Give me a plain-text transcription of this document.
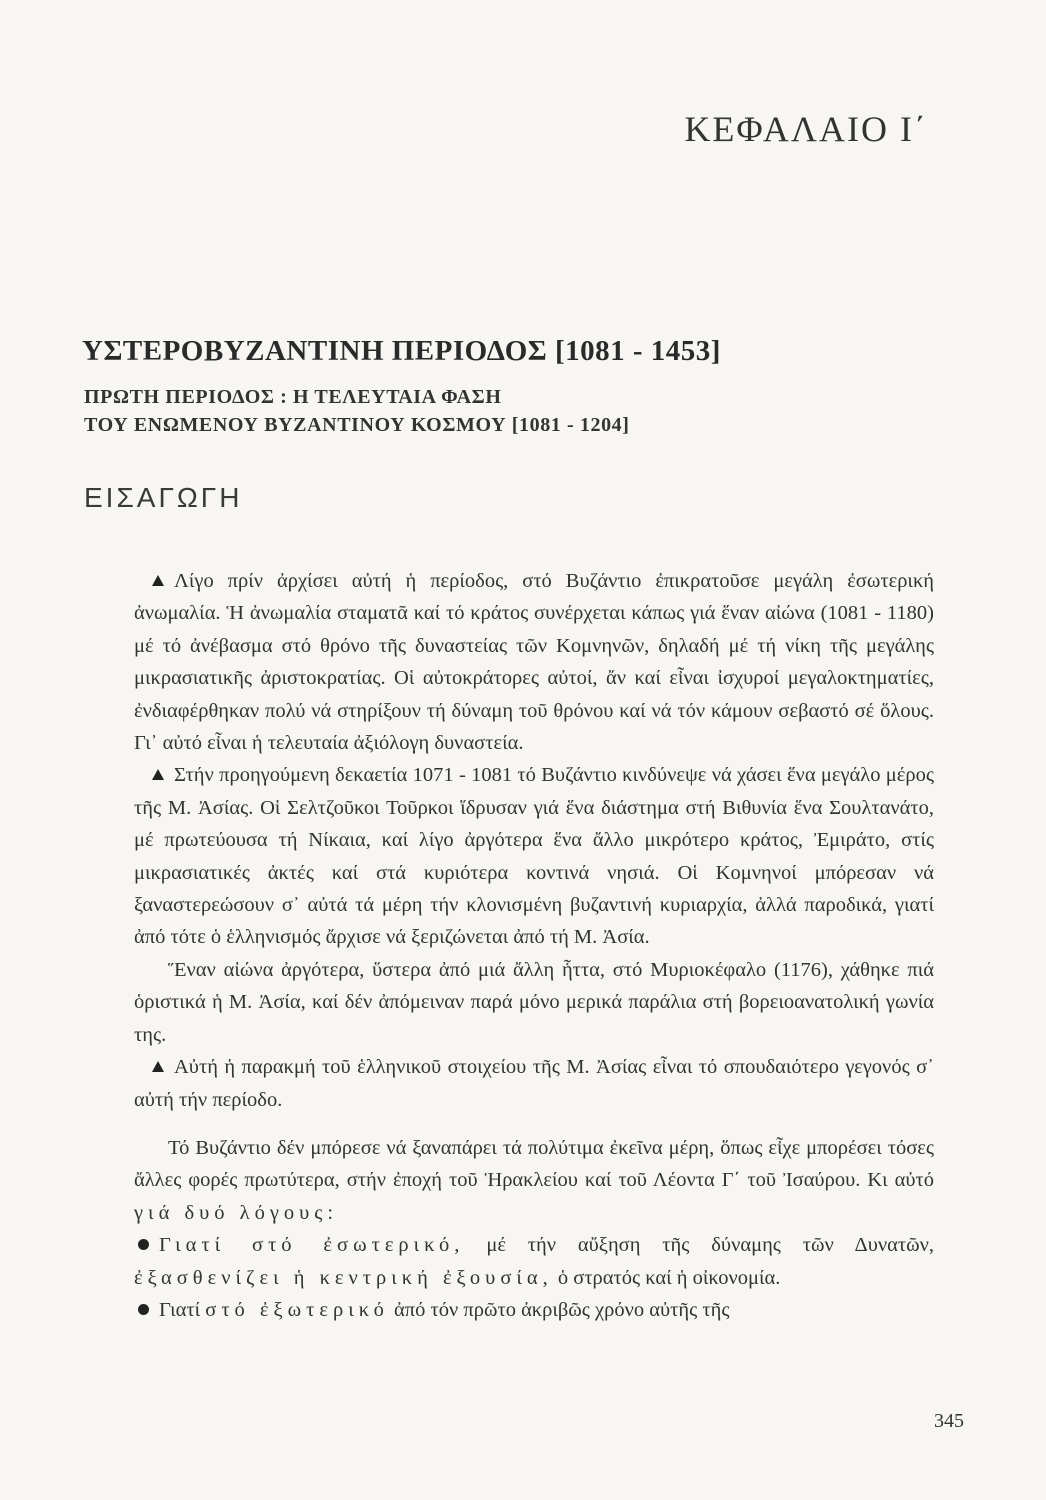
ΚΕΦΑΛΑΙΟ Ι΄
ΥΣΤΕΡΟΒΥΖΑΝΤΙΝΗ ΠΕΡΙΟΔΟΣ [1081 - 1453]
ΠΡΩΤΗ ΠΕΡΙΟΔΟΣ : Η ΤΕΛΕΥΤΑΙΑ ΦΑΣΗ
ΤΟΥ ΕΝΩΜΕΝΟΥ ΒΥΖΑΝΤΙΝΟΥ ΚΟΣΜΟΥ [1081 - 1204]
ΕΙΣΑΓΩΓΗ

Λίγο πρίν ἀρχίσει αὐτή ἡ περίοδος, στό Βυζάντιο ἐπικρατοῦσε μεγάλη ἐσωτερική ἀνωμαλία. Ἡ ἀνωμαλία σταματᾶ καί τό κράτος συνέρχεται κάπως γιά ἕναν αἰώνα (1081 - 1180) μέ τό ἀνέβασμα στό θρόνο τῆς δυναστείας τῶν Κομνηνῶν, δηλαδή μέ τή νίκη τῆς μεγάλης μικρασιατικῆς ἀριστοκρατίας. Οἱ αὐτοκράτορες αὐτοί, ἄν καί εἶναι ἰσχυροί μεγαλοκτηματίες, ἐνδιαφέρθηκαν πολύ νά στηρίξουν τή δύναμη τοῦ θρόνου καί νά τόν κάμουν σεβαστό σέ ὅλους. Γι᾽ αὐτό εἶναι ἡ τελευταία ἀξιόλογη δυναστεία.

Στήν προηγούμενη δεκαετία 1071 - 1081 τό Βυζάντιο κινδύνεψε νά χάσει ἕνα μεγάλο μέρος τῆς Μ. Ἀσίας. Οἱ Σελτζοῦκοι Τοῦρκοι ἵδρυσαν γιά ἕνα διάστημα στή Βιθυνία ἕνα Σουλτανάτο, μέ πρωτεύουσα τή Νίκαια, καί λίγο ἀργότερα ἕνα ἄλλο μικρότερο κράτος, Ἐμιράτο, στίς μικρασιατικές ἀκτές καί στά κυριότερα κοντινά νησιά. Οἱ Κομνηνοί μπόρεσαν νά ξαναστερεώσουν σ᾽ αὐτά τά μέρη τήν κλονισμένη βυζαντινή κυριαρχία, ἀλλά παροδικά, γιατί ἀπό τότε ὁ ἑλληνισμός ἄρχισε νά ξεριζώνεται ἀπό τή Μ. Ἀσία.

Ἕναν αἰώνα ἀργότερα, ὕστερα ἀπό μιά ἄλλη ἧττα, στό Μυριοκέφαλο (1176), χάθηκε πιά ὁριστικά ἡ Μ. Ἀσία, καί δέν ἀπόμειναν παρά μόνο μερικά παράλια στή βορειοανατολική γωνία της.

Αὐτή ἡ παρακμή τοῦ ἑλληνικοῦ στοιχείου τῆς Μ. Ἀσίας εἶναι τό σπουδαιότερο γεγονός σ᾽ αὐτή τήν περίοδο.

Τό Βυζάντιο δέν μπόρεσε νά ξαναπάρει τά πολύτιμα ἐκεῖνα μέρη, ὅπως εἶχε μπορέσει τόσες ἄλλες φορές πρωτύτερα, στήν ἐποχή τοῦ Ἡρακλείου καί τοῦ Λέοντα Γ΄ τοῦ Ἰσαύρου. Κι αὐτό γιά δυό λόγους:

Γιατί στό ἐσωτερικό, μέ τήν αὔξηση τῆς δύναμης τῶν Δυνατῶν, ἐξασθενίζει ἡ κεντρική ἐξουσία, ὁ στρατός καί ἡ οἰκονομία.

Γιατί στό ἐξωτερικό ἀπό τόν πρῶτο ἀκριβῶς χρόνο αὐτῆς τῆς

345
